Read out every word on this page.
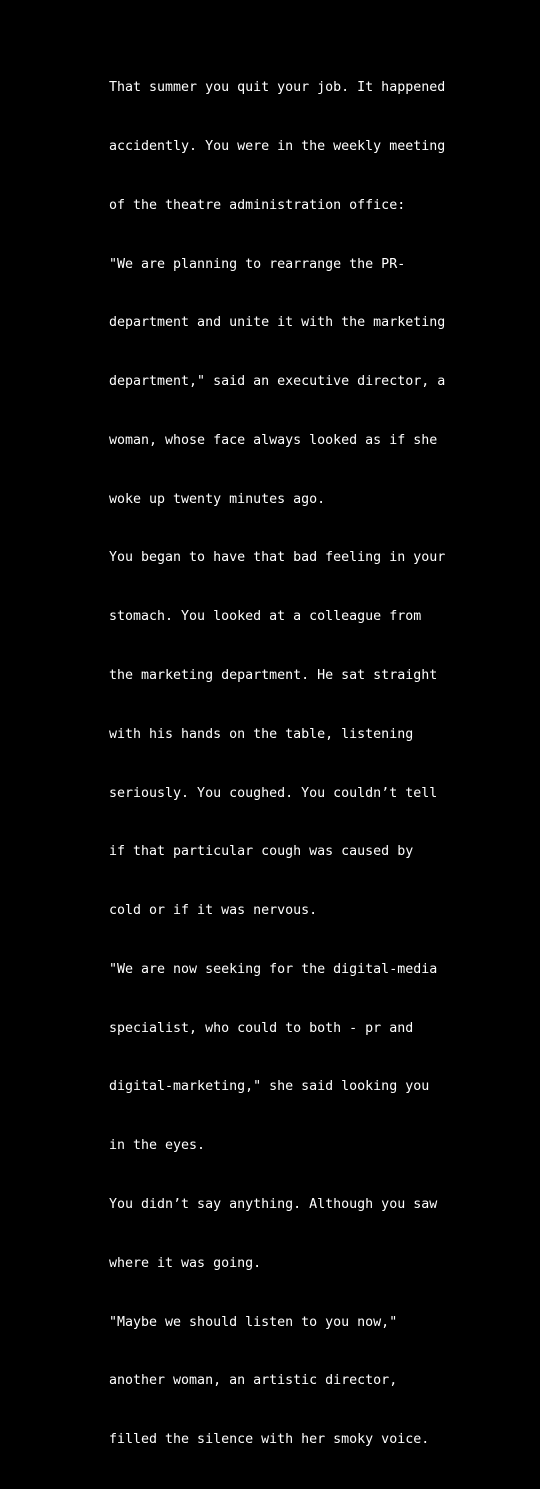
That summer you quit your job. It happened

accidently. You were in the weekly meeting

of the theatre administration office:

"We are planning to rearrange the PR-

department and unite it with the marketing

department," said an executive director, a

woman, whose face always looked as if she

woke up twenty minutes ago.

You began to have that bad feeling in your

stomach. You looked at a colleague from

the marketing department. He sat straight

with his hands on the table, listening

seriously. You coughed. You couldn’t tell

if that particular cough was caused by

cold or if it was nervous.

"We are now seeking for the digital-media

specialist, who could to both - pr and

digital-marketing," she said looking you

in the eyes.

You didn’t say anything. Although you saw

where it was going.

"Maybe we should listen to you now,"

another woman, an artistic director,

filled the silence with her smoky voice.
